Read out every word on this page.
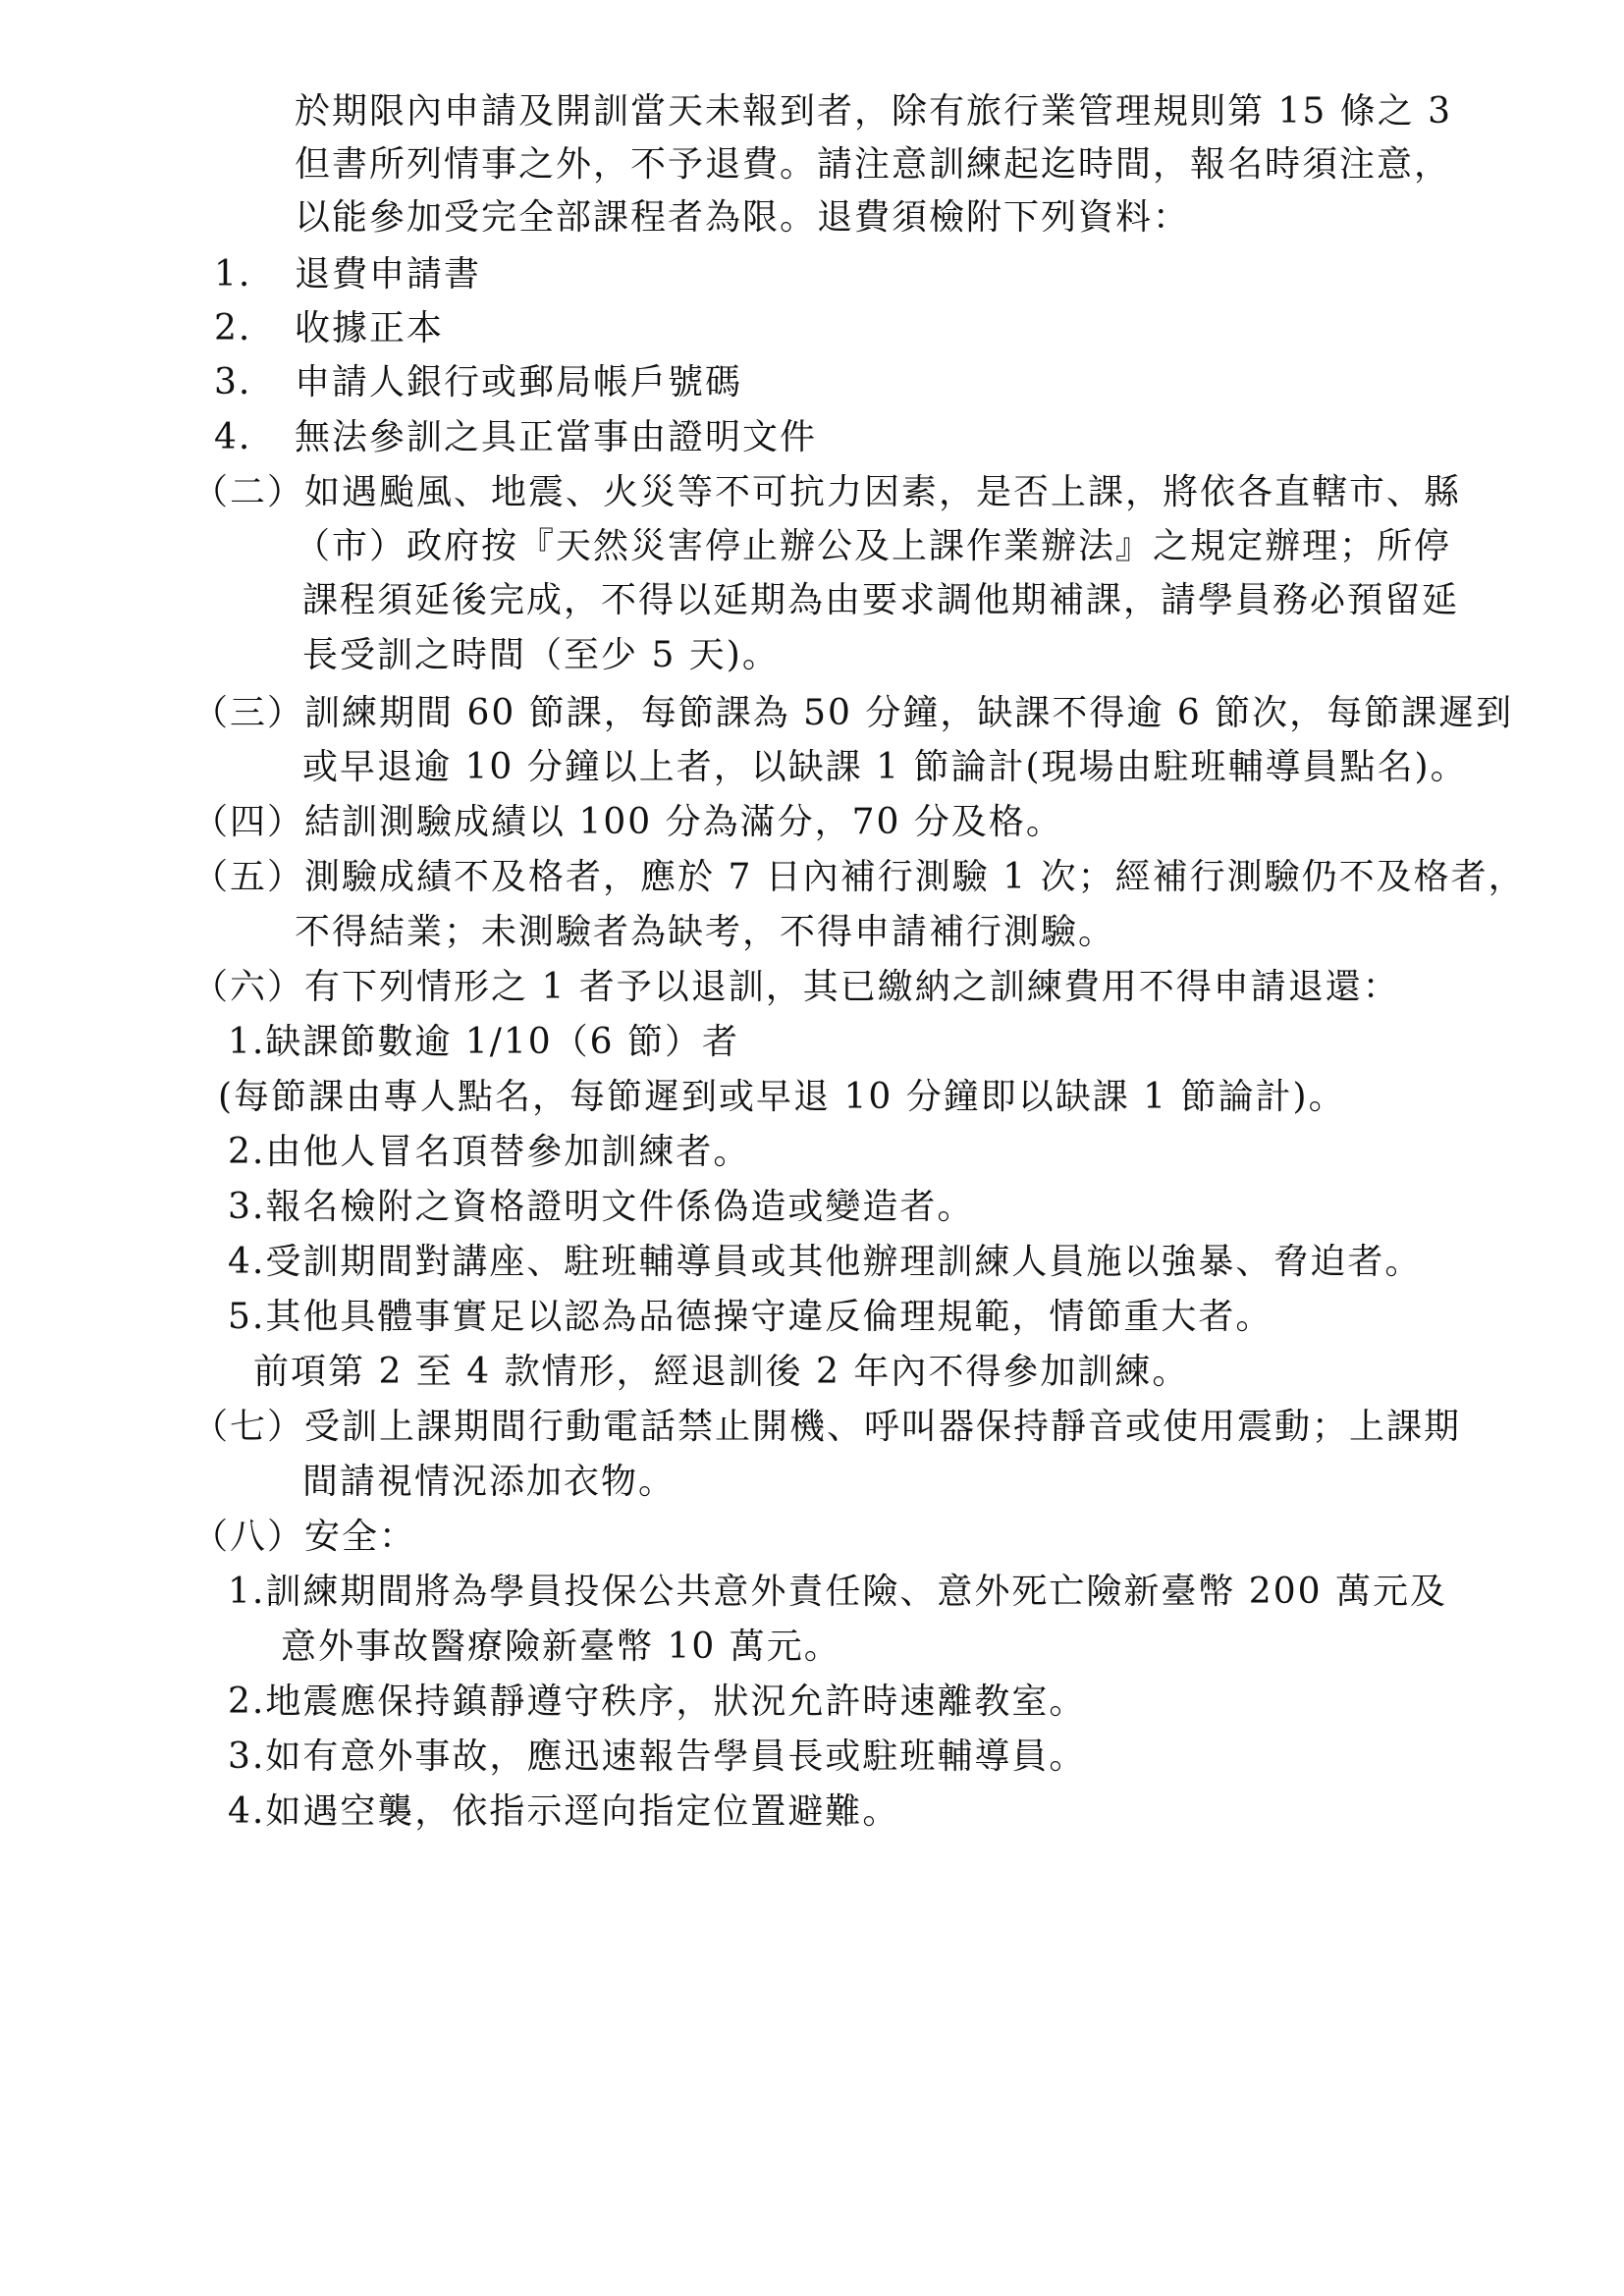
於期限內申請及開訓當天未報到者，除有旅行業管理規則第 15 條之 3
但書所列情事之外，不予退費。請注意訓練起迄時間，報名時須注意，
以能參加受完全部課程者為限。退費須檢附下列資料：
1. 退費申請書
2. 收據正本
3. 申請人銀行或郵局帳戶號碼
4. 無法參訓之具正當事由證明文件
（二）如遇颱風、地震、火災等不可抗力因素，是否上課，將依各直轄市、縣
（市）政府按『天然災害停止辦公及上課作業辦法』之規定辦理；所停
課程須延後完成，不得以延期為由要求調他期補課，請學員務必預留延
長受訓之時間（至少 5 天)。
（三）訓練期間 60 節課，每節課為 50 分鐘，缺課不得逾 6 節次，每節課遲到
或早退逾 10 分鐘以上者，以缺課 1 節論計(現場由駐班輔導員點名)。
（四）結訓測驗成績以 100 分為滿分，70 分及格。
（五）測驗成績不及格者，應於 7 日內補行測驗 1 次；經補行測驗仍不及格者，
不得結業；未測驗者為缺考，不得申請補行測驗。
（六）有下列情形之 1 者予以退訓，其已繳納之訓練費用不得申請退還：
1.缺課節數逾 1/10（6 節）者
(每節課由專人點名，每節遲到或早退 10 分鐘即以缺課 1 節論計)。
2.由他人冒名頂替參加訓練者。
3.報名檢附之資格證明文件係偽造或變造者。
4.受訓期間對講座、駐班輔導員或其他辦理訓練人員施以強暴、脅迫者。
5.其他具體事實足以認為品德操守違反倫理規範，情節重大者。
前項第 2 至 4 款情形，經退訓後 2 年內不得參加訓練。
（七）受訓上課期間行動電話禁止開機、呼叫器保持靜音或使用震動；上課期
間請視情況添加衣物。
（八）安全：
1.訓練期間將為學員投保公共意外責任險、意外死亡險新臺幣 200 萬元及
意外事故醫療險新臺幣 10 萬元。
2.地震應保持鎮靜遵守秩序，狀況允許時速離教室。
3.如有意外事故，應迅速報告學員長或駐班輔導員。
4.如遇空襲，依指示逕向指定位置避難。
